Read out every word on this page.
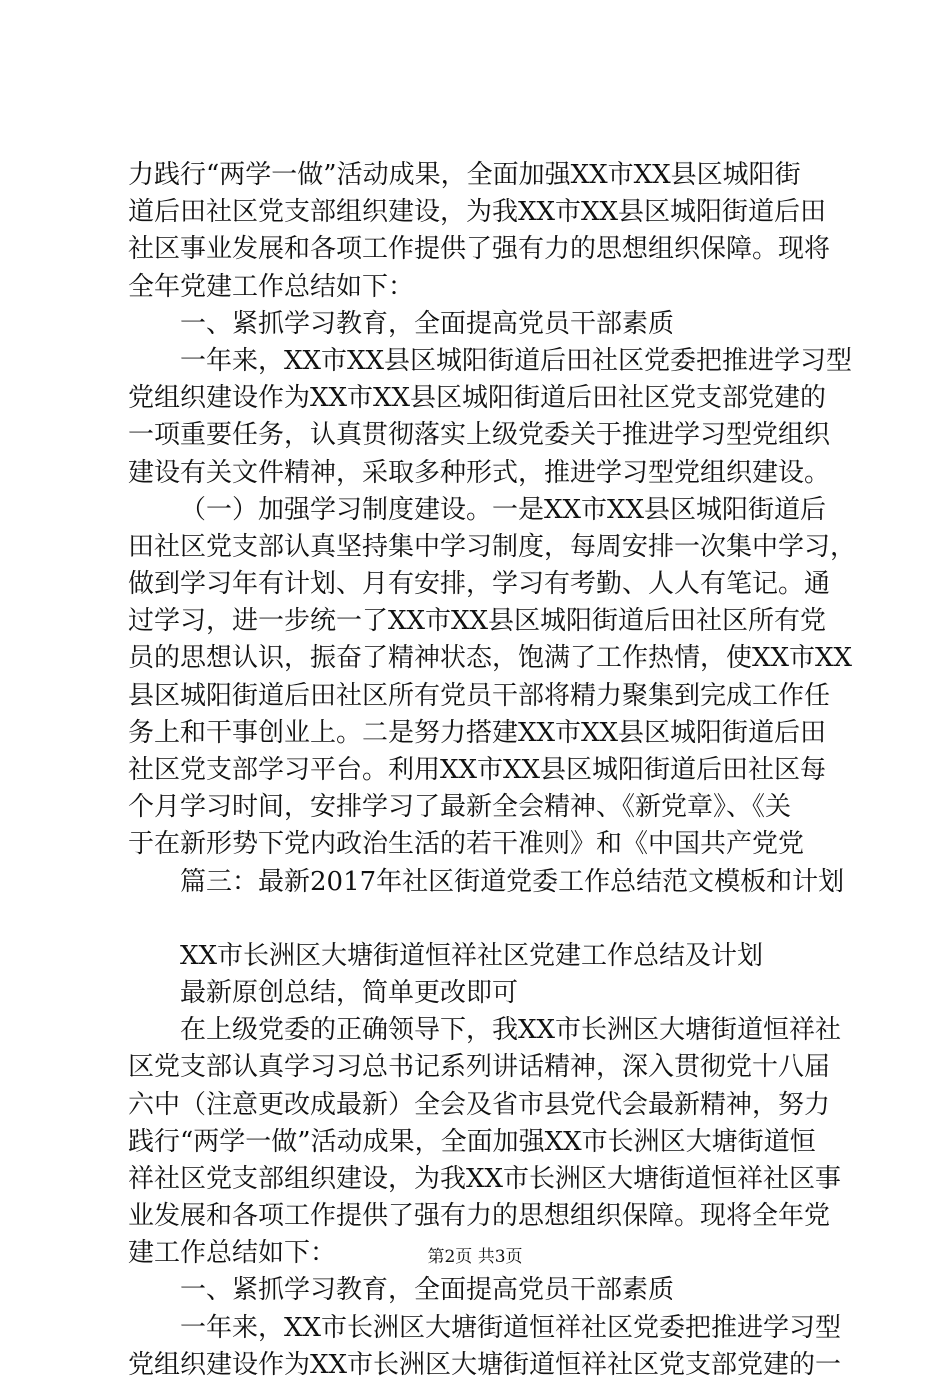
力践行“两学一做”活动成果，全面加强XX市XX县区城阳街
道后田社区党支部组织建设，为我XX市XX县区城阳街道后田
社区事业发展和各项工作提供了强有力的思想组织保障。现将
全年党建工作总结如下：
一、紧抓学习教育，全面提高党员干部素质
一年来，XX市XX县区城阳街道后田社区党委把推进学习型
党组织建设作为XX市XX县区城阳街道后田社区党支部党建的
一项重要任务，认真贯彻落实上级党委关于推进学习型党组织
建设有关文件精神，采取多种形式，推进学习型党组织建设。
（一）加强学习制度建设。一是XX市XX县区城阳街道后
田社区党支部认真坚持集中学习制度，每周安排一次集中学习，
做到学习年有计划、月有安排，学习有考勤、人人有笔记。通
过学习，进一步统一了XX市XX县区城阳街道后田社区所有党
员的思想认识，振奋了精神状态，饱满了工作热情，使XX市XX
县区城阳街道后田社区所有党员干部将精力聚集到完成工作任
务上和干事创业上。二是努力搭建XX市XX县区城阳街道后田
社区党支部学习平台。利用XX市XX县区城阳街道后田社区每
个月学习时间，安排学习了最新全会精神、《新党章》、《关
于在新形势下党内政治生活的若干准则》和《中国共产党党
篇三：最新2017年社区街道党委工作总结范文模板和计划
XX市长洲区大塘街道恒祥社区党建工作总结及计划
最新原创总结，简单更改即可
在上级党委的正确领导下，我XX市长洲区大塘街道恒祥社
区党支部认真学习习总书记系列讲话精神，深入贯彻党十八届
六中（注意更改成最新）全会及省市县党代会最新精神，努力
践行“两学一做”活动成果，全面加强XX市长洲区大塘街道恒
祥社区党支部组织建设，为我XX市长洲区大塘街道恒祥社区事
业发展和各项工作提供了强有力的思想组织保障。现将全年党
建工作总结如下：
一、紧抓学习教育，全面提高党员干部素质
一年来，XX市长洲区大塘街道恒祥社区党委把推进学习型
党组织建设作为XX市长洲区大塘街道恒祥社区党支部党建的一
第2页 共3页
